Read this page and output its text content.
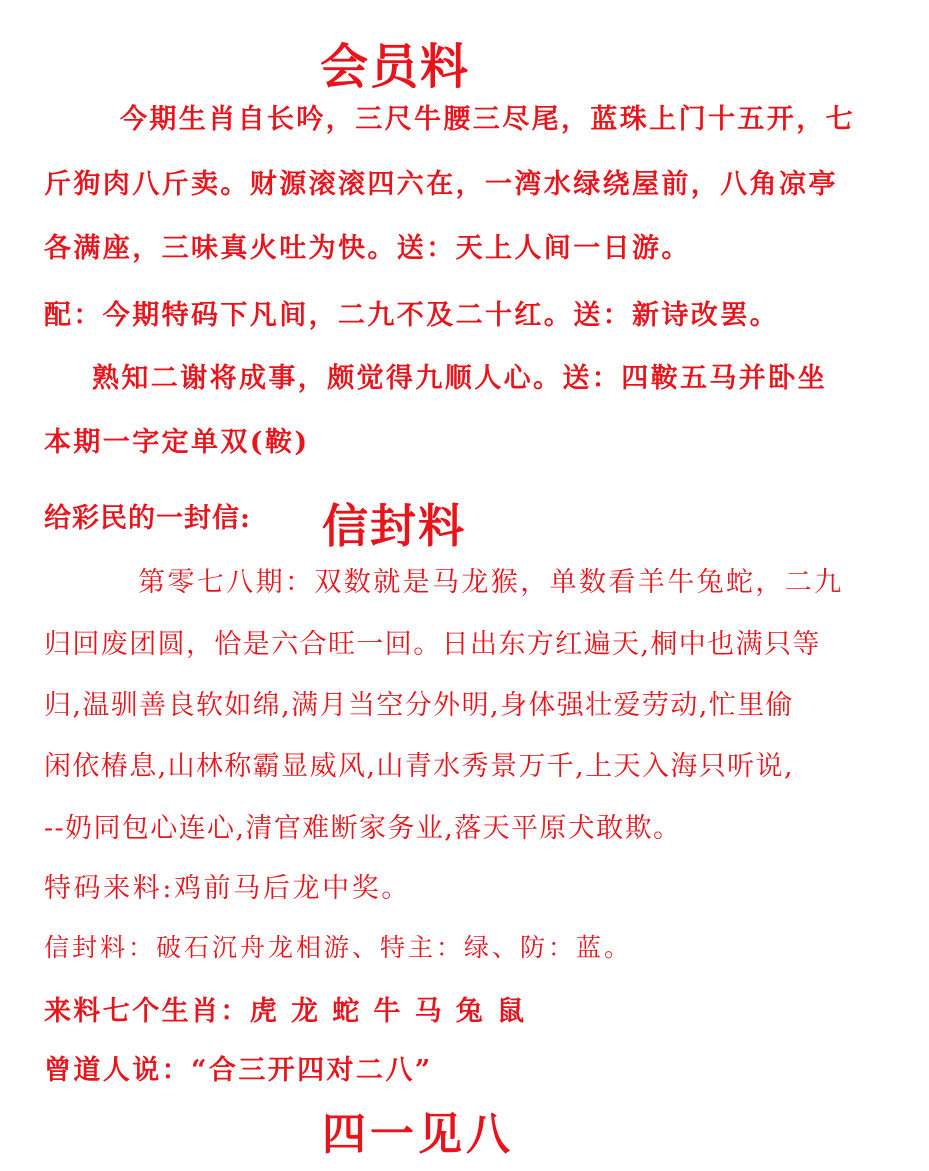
会员料
今期生肖自长吟，三尺牛腰三尽尾，蓝珠上门十五开，七
斤狗肉八斤卖。财源滚滚四六在，一湾水绿绕屋前，八角凉亭
各满座，三味真火吐为快。送：天上人间一日游。
配：今期特码下凡间，二九不及二十红。送：新诗改罢。
熟知二谢将成事，颇觉得九顺人心。送：四鞍五马并卧坐
本期一字定单双(鞍)
给彩民的一封信: 信封料
第零七八期：双数就是马龙猴，单数看羊牛兔蛇，二九
归回废团圆，恰是六合旺一回。日出东方红遍天,桐中也满只等
归,温驯善良软如绵,满月当空分外明,身体强壮爱劳动,忙里偷
闲依椿息,山林称霸显威风,山青水秀景万千,上天入海只听说,
--奶同包心连心,清官难断家务业,落天平原犬敢欺。
特码来料:鸡前马后龙中奖。
信封料：破石沉舟龙相游、特主：绿、防：蓝。
来料七个生肖：虎 龙 蛇 牛 马 兔 鼠
曾道人说：“合三开四对二八”
四一见八
